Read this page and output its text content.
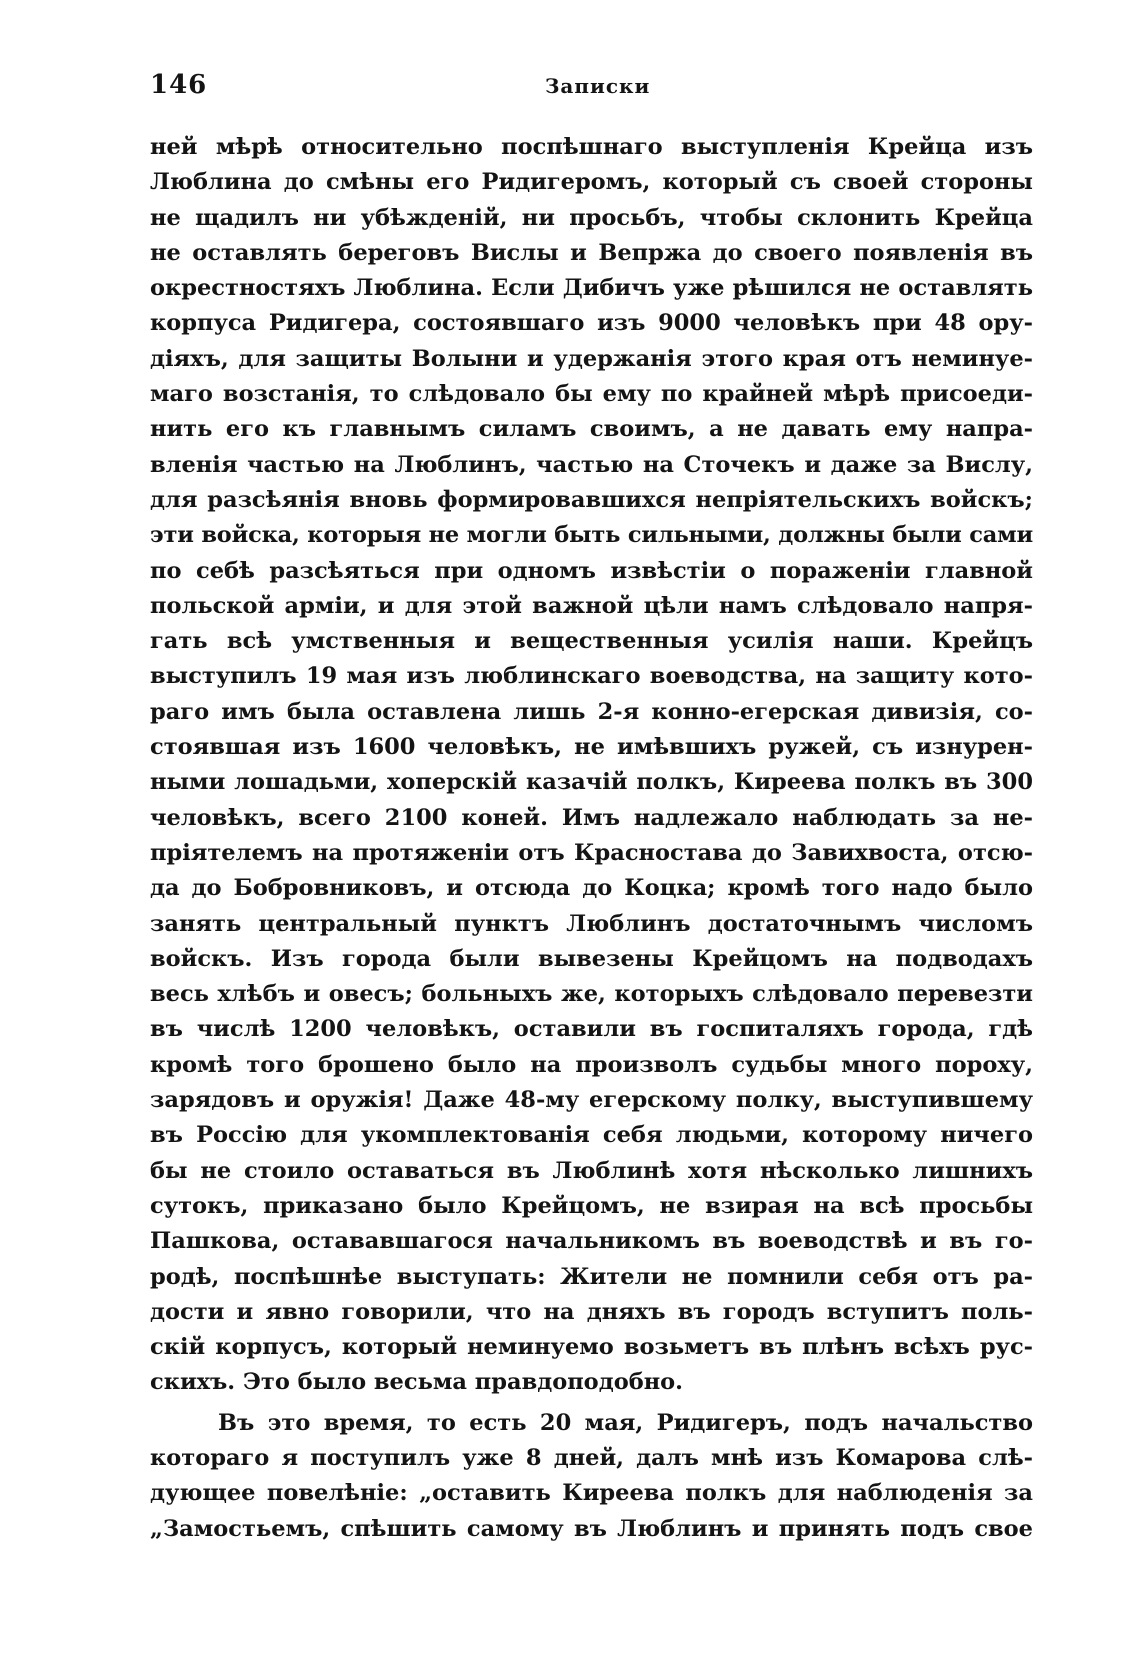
146	Записки
ней мѣрѣ относительно поспѣшнаго выступленія Крейца изъ
Люблина до смѣны его Ридигеромъ, который съ своей стороны
не щадилъ ни убѣжденій, ни просьбъ, чтобы склонить Крейца
не оставлять береговъ Вислы и Вепржа до своего появленія въ
окрестностяхъ Люблина. Если Дибичъ уже рѣшился не оставлять
корпуса Ридигера, состоявшаго изъ 9000 человѣкъ при 48 ору-
діяхъ, для защиты Волыни и удержанія этого края отъ неминуе-
маго возстанія, то слѣдовало бы ему по крайней мѣрѣ присоеди-
нить его къ главнымъ силамъ своимъ, а не давать ему напра-
вленія частью на Люблинъ, частью на Сточекъ и даже за Вислу,
для разсѣянія вновь формировавшихся непріятельскихъ войскъ;
эти войска, которыя не могли быть сильными, должны были сами
по себѣ разсѣяться при одномъ извѣстіи о пораженіи главной
польской арміи, и для этой важной цѣли намъ слѣдовало напря-
гать всѣ умственныя и вещественныя усилія наши. Крейцъ
выступилъ 19 мая изъ люблинскаго воеводства, на защиту кото-
раго имъ была оставлена лишь 2-я конно-егерская дивизія, со-
стоявшая изъ 1600 человѣкъ, не имѣвшихъ ружей, съ изнурен-
ными лошадьми, хоперскій казачій полкъ, Киреева полкъ въ 300
человѣкъ, всего 2100 коней. Имъ надлежало наблюдать за не-
пріятелемъ на протяженіи отъ Красностава до Завихвоста, отсю-
да до Бобровниковъ, и отсюда до Коцка; кромѣ того надо было
занять центральный пунктъ Люблинъ достаточнымъ числомъ
войскъ. Изъ города были вывезены Крейцомъ на подводахъ
весь хлѣбъ и овесъ; больныхъ же, которыхъ слѣдовало перевезти
въ числѣ 1200 человѣкъ, оставили въ госпиталяхъ города, гдѣ
кромѣ того брошено было на произволъ судьбы много пороху,
зарядовъ и оружія! Даже 48-му егерскому полку, выступившему
въ Россію для укомплектованія себя людьми, которому ничего
бы не стоило оставаться въ Люблинѣ хотя нѣсколько лишнихъ
сутокъ, приказано было Крейцомъ, не взирая на всѣ просьбы
Пашкова, остававшагося начальникомъ въ воеводствѣ и въ го-
родѣ, поспѣшнѣе выступать: Жители не помнили себя отъ ра-
дости и явно говорили, что на дняхъ въ городъ вступитъ поль-
скій корпусъ, который неминуемо возьметъ въ плѣнъ всѣхъ рус-
скихъ. Это было весьма правдоподобно.
Въ это время, то есть 20 мая, Ридигеръ, подъ начальство
котораго я поступилъ уже 8 дней, далъ мнѣ изъ Комарова слѣ-
дующее повелѣніе: „оставить Киреева полкъ для наблюденія за
„Замостьемъ, спѣшить самому въ Люблинъ и принять подъ свое
